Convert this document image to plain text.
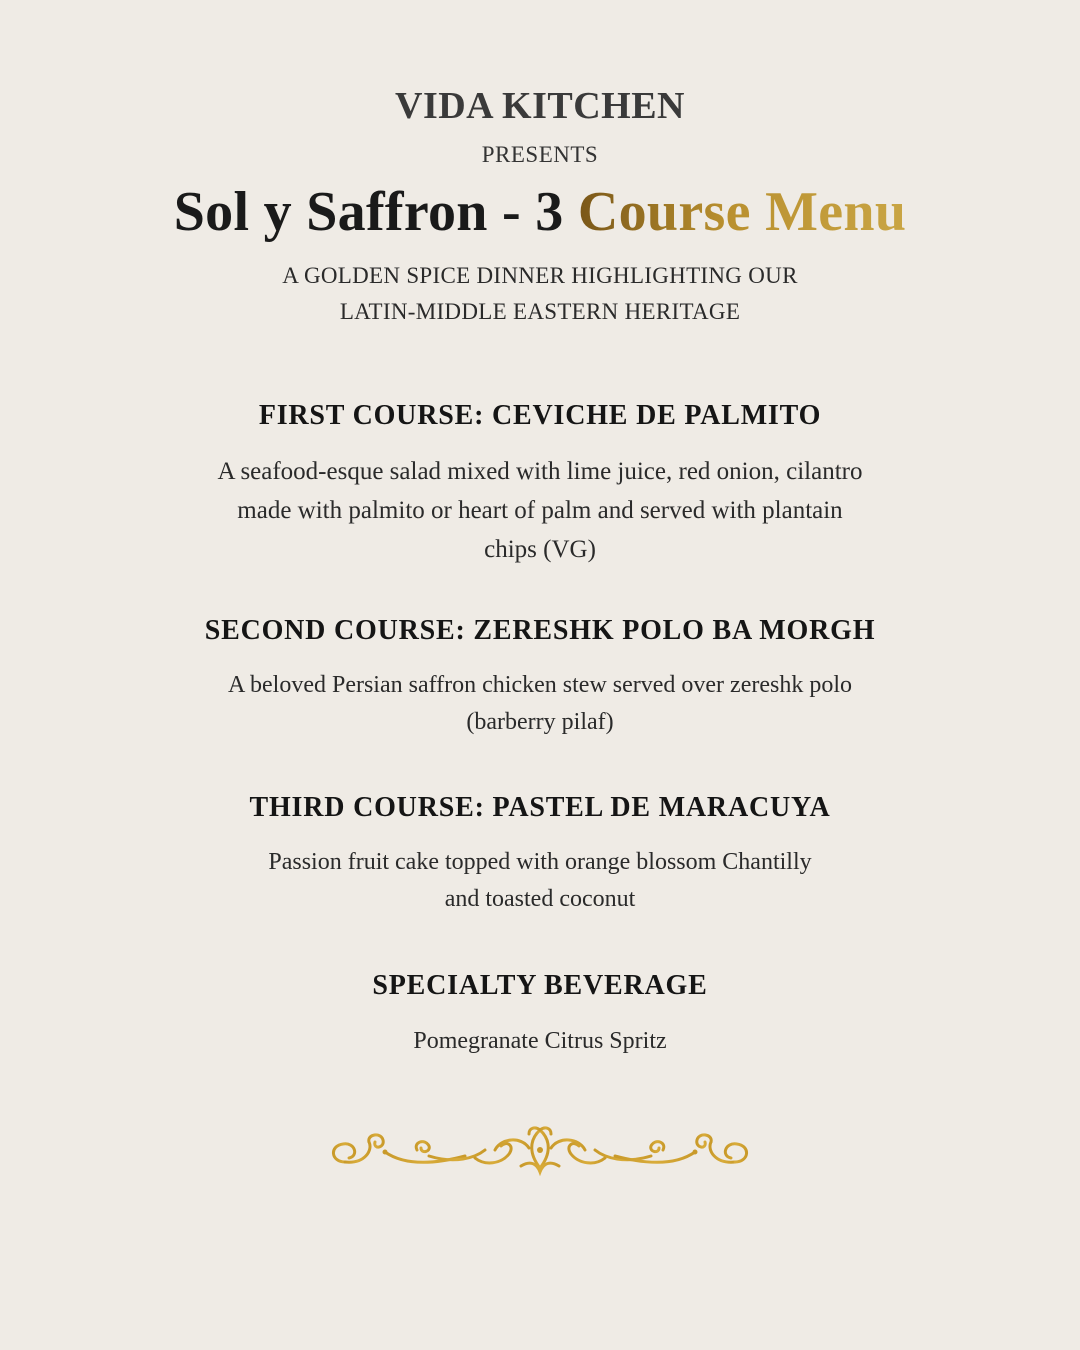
VIDA KITCHEN
PRESENTS
Sol y Saffron - 3 Course Menu
A GOLDEN SPICE DINNER HIGHLIGHTING OUR
LATIN-MIDDLE EASTERN HERITAGE
FIRST COURSE: CEVICHE DE PALMITO
A seafood-esque salad mixed with lime juice, red onion, cilantro
made with palmito or heart of palm and served with plantain
chips (VG)
SECOND COURSE: ZERESHK POLO BA MORGH
A beloved Persian saffron chicken stew served over zereshk polo
(barberry pilaf)
THIRD COURSE: PASTEL DE MARACUYA
Passion fruit cake topped with orange blossom Chantilly
and toasted coconut
SPECIALTY BEVERAGE
Pomegranate Citrus Spritz
